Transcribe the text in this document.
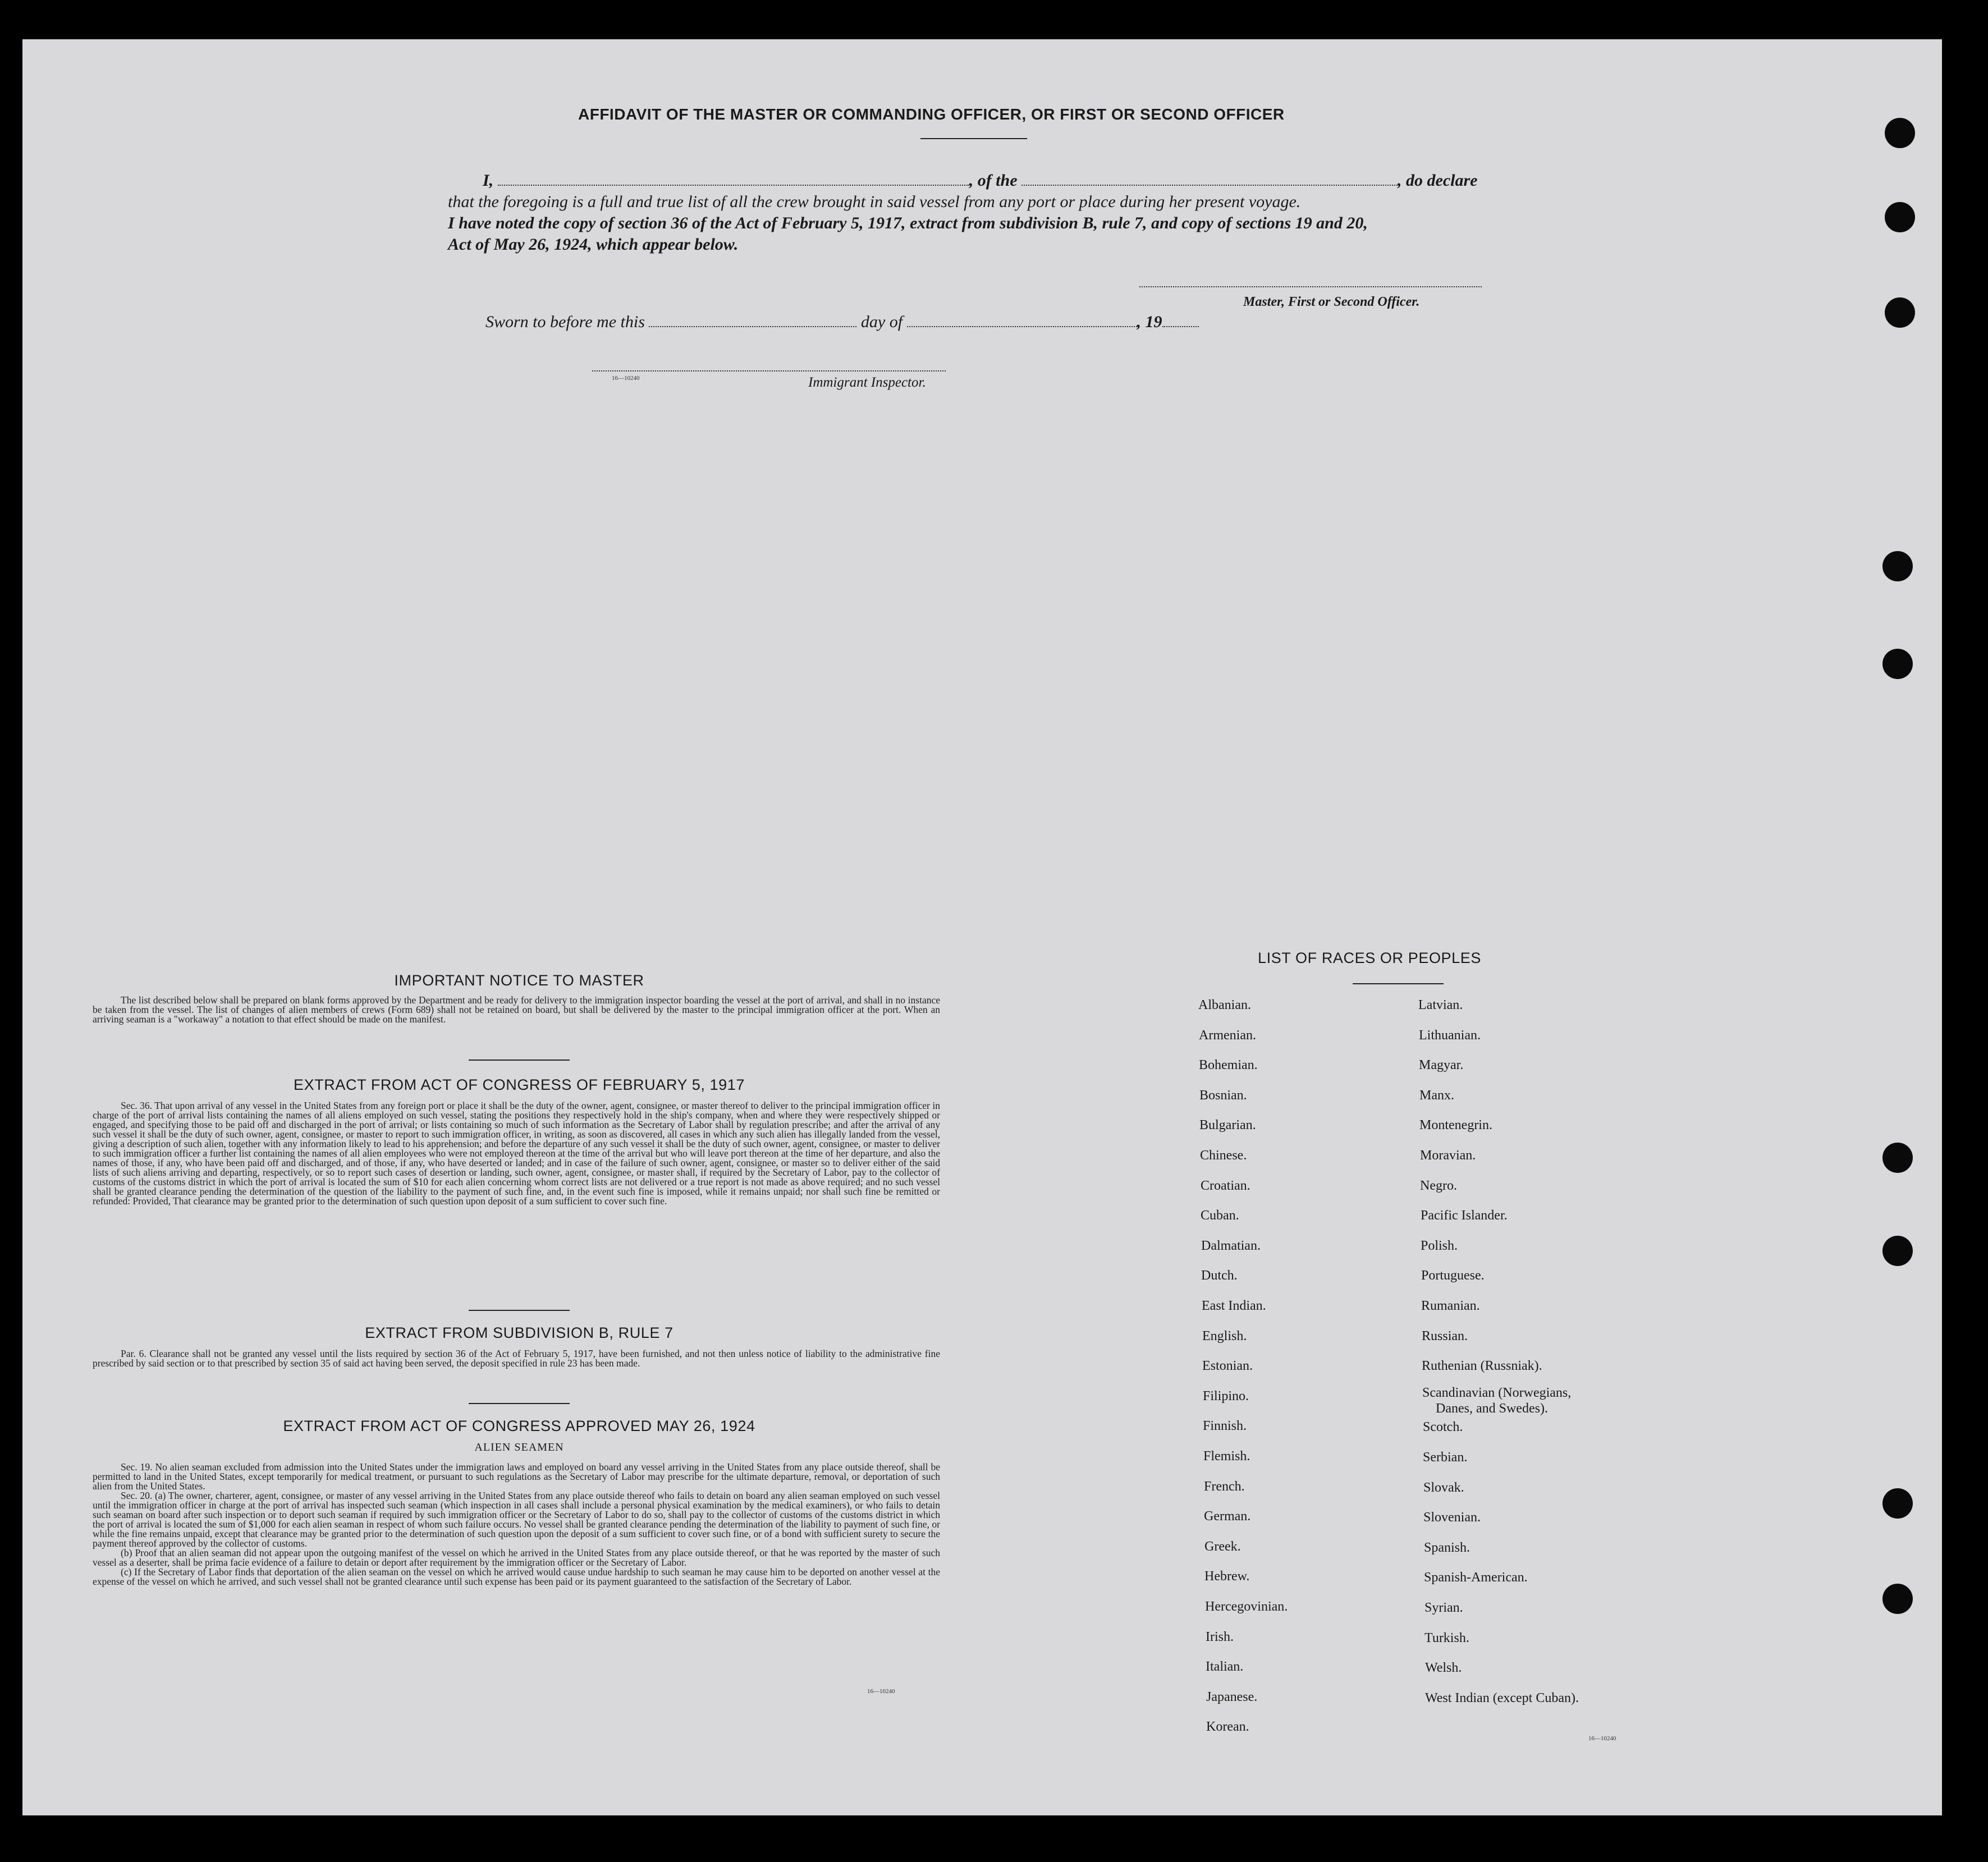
AFFIDAVIT OF THE MASTER OR COMMANDING OFFICER, OR FIRST OR SECOND OFFICER
I,	, of the	, do declare
that the foregoing is a full and true list of all the crew brought in said vessel from any port or place during her present voyage.
I have noted the copy of section 36 of the Act of February 5, 1917, extract from subdivision B, rule 7, and copy of sections 19 and 20,
Act of May 26, 1924, which appear below.
Master, First or Second Officer.
Sworn to before me this	day of	, 19
16—10240	Immigrant Inspector.
IMPORTANT NOTICE TO MASTER
The list described below shall be prepared on blank forms approved by the Department and be ready for delivery to the immigration inspector boarding the vessel at the port of arrival, and shall in no instance be taken from the vessel. The list of changes of alien members of crews (Form 689) shall not be retained on board, but shall be delivered by the master to the principal immigration officer at the port. When an arriving seaman is a "workaway" a notation to that effect should be made on the manifest.
EXTRACT FROM ACT OF CONGRESS OF FEBRUARY 5, 1917
Sec. 36. That upon arrival of any vessel in the United States from any foreign port or place it shall be the duty of the owner, agent, consignee, or master thereof to deliver to the principal immigration officer in charge of the port of arrival lists containing the names of all aliens employed on such vessel, stating the positions they respectively hold in the ship's company, when and where they were respectively shipped or engaged, and specifying those to be paid off and discharged in the port of arrival; or lists containing so much of such information as the Secretary of Labor shall by regulation prescribe; and after the arrival of any such vessel it shall be the duty of such owner, agent, consignee, or master to report to such immigration officer, in writing, as soon as discovered, all cases in which any such alien has illegally landed from the vessel, giving a description of such alien, together with any information likely to lead to his apprehension; and before the departure of any such vessel it shall be the duty of such owner, agent, consignee, or master to deliver to such immigration officer a further list containing the names of all alien employees who were not employed thereon at the time of the arrival but who will leave port thereon at the time of her departure, and also the names of those, if any, who have been paid off and discharged, and of those, if any, who have deserted or landed; and in case of the failure of such owner, agent, consignee, or master so to deliver either of the said lists of such aliens arriving and departing, respectively, or so to report such cases of desertion or landing, such owner, agent, consignee, or master shall, if required by the Secretary of Labor, pay to the collector of customs of the customs district in which the port of arrival is located the sum of $10 for each alien concerning whom correct lists are not delivered or a true report is not made as above required; and no such vessel shall be granted clearance pending the determination of the question of the liability to the payment of such fine, and, in the event such fine is imposed, while it remains unpaid; nor shall such fine be remitted or refunded: Provided, That clearance may be granted prior to the determination of such question upon deposit of a sum sufficient to cover such fine.
EXTRACT FROM SUBDIVISION B, RULE 7
Par. 6. Clearance shall not be granted any vessel until the lists required by section 36 of the Act of February 5, 1917, have been furnished, and not then unless notice of liability to the administrative fine prescribed by said section or to that prescribed by section 35 of said act having been served, the deposit specified in rule 23 has been made.
EXTRACT FROM ACT OF CONGRESS APPROVED MAY 26, 1924
ALIEN SEAMEN

Sec. 19. No alien seaman excluded from admission into the United States under the immigration laws and employed on board any vessel arriving in the United States from any place outside thereof, shall be permitted to land in the United States, except temporarily for medical treatment, or pursuant to such regulations as the Secretary of Labor may prescribe for the ultimate departure, removal, or deportation of such alien from the United States.

Sec. 20. (a) The owner, charterer, agent, consignee, or master of any vessel arriving in the United States from any place outside thereof who fails to detain on board any alien seaman employed on such vessel until the immigration officer in charge at the port of arrival has inspected such seaman (which inspection in all cases shall include a personal physical examination by the medical examiners), or who fails to detain such seaman on board after such inspection or to deport such seaman if required by such immigration officer or the Secretary of Labor to do so, shall pay to the collector of customs of the customs district in which the port of arrival is located the sum of $1,000 for each alien seaman in respect of whom such failure occurs. No vessel shall be granted clearance pending the determination of the liability to payment of such fine, or while the fine remains unpaid, except that clearance may be granted prior to the determination of such question upon the deposit of a sum sufficient to cover such fine, or of a bond with sufficient surety to secure the payment thereof approved by the collector of customs.

(b) Proof that an alien seaman did not appear upon the outgoing manifest of the vessel on which he arrived in the United States from any place outside thereof, or that he was reported by the master of such vessel as a deserter, shall be prima facie evidence of a failure to detain or deport after requirement by the immigration officer or the Secretary of Labor.

(c) If the Secretary of Labor finds that deportation of the alien seaman on the vessel on which he arrived would cause undue hardship to such seaman he may cause him to be deported on another vessel at the expense of the vessel on which he arrived, and such vessel shall not be granted clearance until such expense has been paid or its payment guaranteed to the satisfaction of the Secretary of Labor.

16—10240
LIST OF RACES OR PEOPLES
Albanian.
Armenian.
Bohemian.
Bosnian.
Bulgarian.
Chinese.
Croatian.
Cuban.
Dalmatian.
Dutch.
East Indian.
English.
Estonian.
Filipino.
Finnish.
Flemish.
French.
German.
Greek.
Hebrew.
Hercegovinian.
Irish.
Italian.
Japanese.
Korean.
Latvian.
Lithuanian.
Magyar.
Manx.
Montenegrin.
Moravian.
Negro.
Pacific Islander.
Polish.
Portuguese.
Rumanian.
Russian.
Ruthenian (Russniak).
Scandinavian (Norwegians,
Danes, and Swedes).
Scotch.
Serbian.
Slovak.
Slovenian.
Spanish.
Spanish-American.
Syrian.
Turkish.
Welsh.
West Indian (except Cuban).
16—10240
